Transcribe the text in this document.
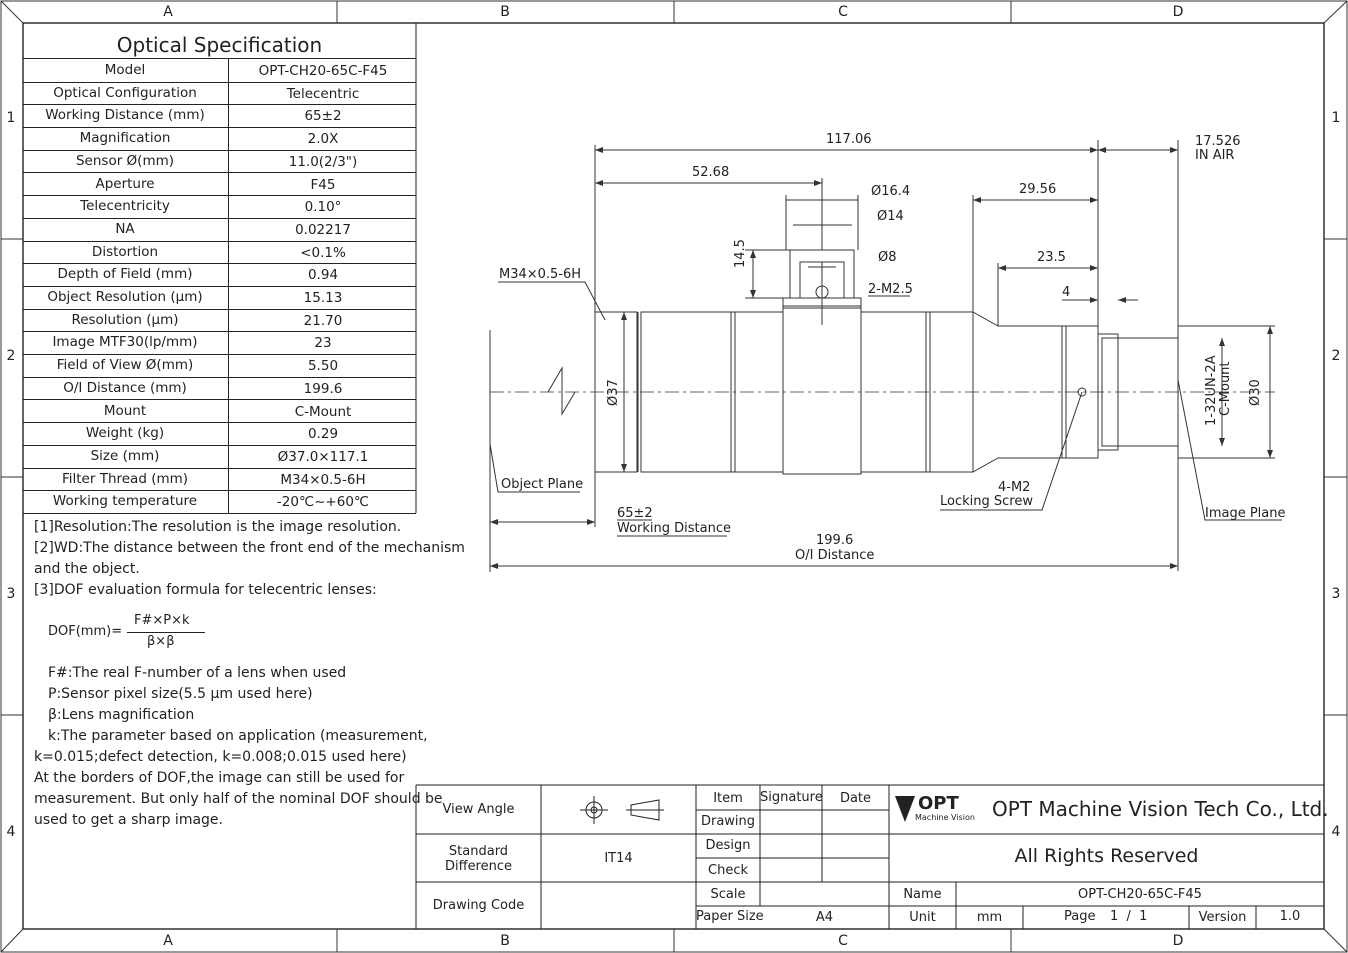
A	B	C	D
A	B	C	D
1
2
3
4
1
2
3
4
Optical Specification
Model	OPT-CH20-65C-F45
Optical Configuration	Telecentric
Working Distance (mm)	65±2
Magnification	2.0X
Sensor Ø(mm)	11.0(2/3")
Aperture	F45
Telecentricity	0.10°
NA	0.02217
Distortion	<0.1%
Depth of Field (mm)	0.94
Object Resolution (μm)	15.13
Resolution (μm)	21.70
Image MTF30(lp/mm)	23
Field of View Ø(mm)	5.50
O/I Distance (mm)	199.6
Mount	C-Mount
Weight (kg)	0.29
Size (mm)	Ø37.0×117.1
Filter Thread (mm)	M34×0.5-6H
Working temperature	-20℃~+60℃
[1]Resolution:The resolution is the image resolution.
[2]WD:The distance between the front end of the mechanism
and the object.
[3]DOF evaluation formula for telecentric lenses:
DOF(mm)=
F#×P×k
β×β
F#:The real F-number of a lens when used
P:Sensor pixel size(5.5 μm used here)
β:Lens magnification
k:The parameter based on application (measurement,
k=0.015;defect detection, k=0.008;0.015 used here)
At the borders of DOF,the image can still be used for
measurement. But only half of the nominal DOF should be
used to get a sharp image.
117.06	17.526
IN AIR
52.68
Ø16.4
Ø14
29.56
Ø8	23.5
14.5
M34×0.5-6H
2-M2.5	4
Ø37	Ø30
1-32UN-2A C-Mount
Object Plane
65±2
Working Distance
4-M2
Locking Screw
Image Plane
199.6
O/I Distance
View Angle
Standard
Difference
IT14
Drawing Code
Item	Signature	Date
Drawing
Design
Check
Scale
Paper Size	A4
OPT
Machine Vision OPT Machine Vision Tech Co., Ltd.
All Rights Reserved
Name	OPT-CH20-65C-F45
Unit	mm	Page 1  /  1	Version	1.0
